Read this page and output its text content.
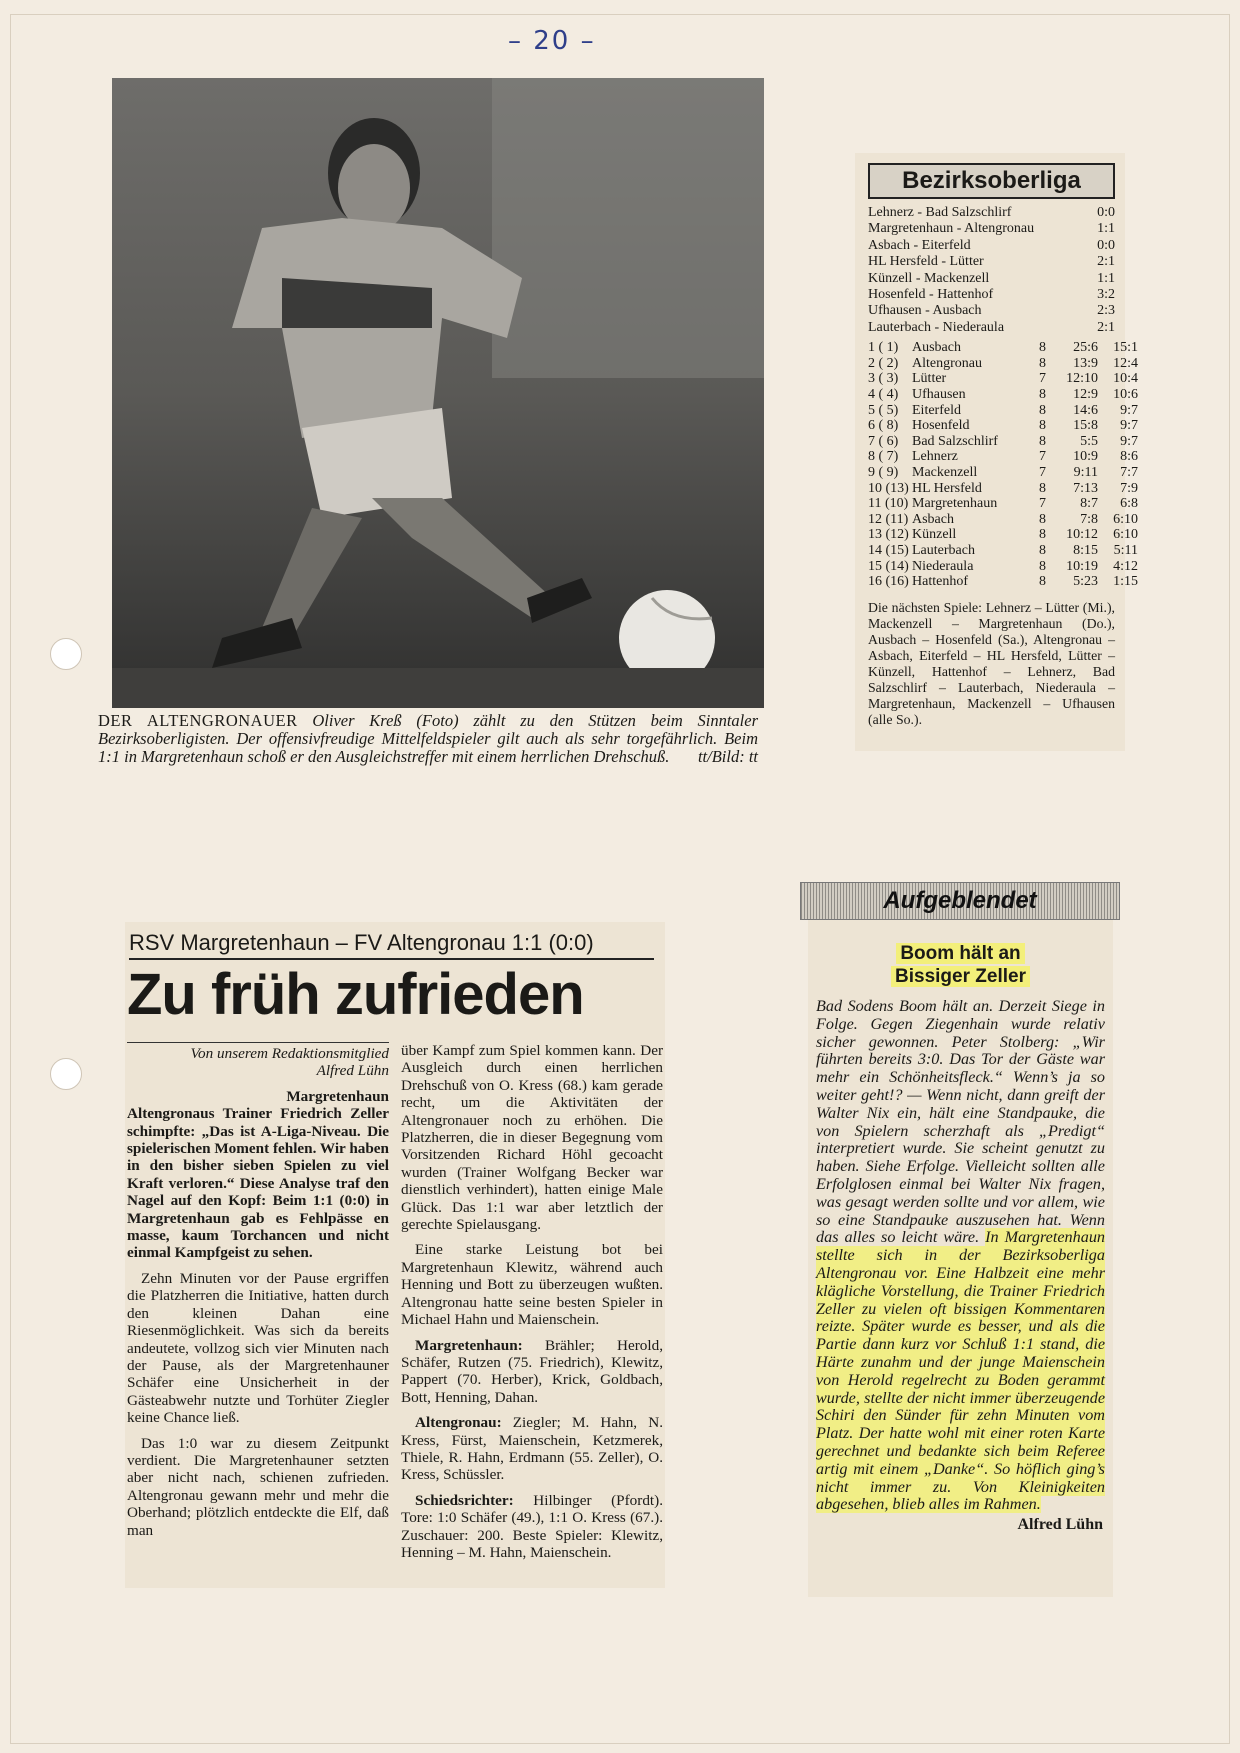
– 20 –
DER ALTENGRONAUER Oliver Kreß (Foto) zählt zu den Stützen beim Sinntaler Bezirksoberligisten. Der offensivfreudige Mittelfeldspieler gilt auch als sehr torgefährlich. Beim 1:1 in Margretenhaun schoß er den Ausgleichstreffer mit einem herrlichen Drehschuß. tt/Bild: tt
Bezirksoberliga
Lehnerz - Bad Salzschlirf	0:0
Margretenhaun - Altengronau	1:1
Asbach - Eiterfeld	0:0
HL Hersfeld - Lütter	2:1
Künzell - Mackenzell	1:1
Hosenfeld - Hattenhof	3:2
Ufhausen - Ausbach	2:3
Lauterbach - Niederaula	2:1
1 ( 1) Ausbach	8	25:6	15:1
2 ( 2) Altengronau	8	13:9	12:4
3 ( 3) Lütter	7	12:10	10:4
4 ( 4) Ufhausen	8	12:9	10:6
5 ( 5) Eiterfeld	8	14:6	9:7
6 ( 8) Hosenfeld	8	15:8	9:7
7 ( 6) Bad Salzschlirf	8	5:5	9:7
8 ( 7) Lehnerz	7	10:9	8:6
9 ( 9) Mackenzell	7	9:11	7:7
10 (13) HL Hersfeld	8	7:13	7:9
11 (10) Margretenhaun	7	8:7	6:8
12 (11) Asbach	8	7:8	6:10
13 (12) Künzell	8	10:12	6:10
14 (15) Lauterbach	8	8:15	5:11
15 (14) Niederaula	8	10:19	4:12
16 (16) Hattenhof	8	5:23	1:15
Die nächsten Spiele: Lehnerz – Lütter (Mi.), Mackenzell – Margretenhaun (Do.), Ausbach – Hosenfeld (Sa.), Altengronau – Asbach, Eiterfeld – HL Hersfeld, Lütter – Künzell, Hattenhof – Lehnerz, Bad Salzschlirf – Lauterbach, Niederaula – Margretenhaun, Mackenzell – Ufhausen (alle So.).
Aufgeblendet
Boom hält an
Bissiger Zeller
Bad Sodens Boom hält an. Derzeit Siege in Folge. Gegen Ziegenhain wurde relativ sicher gewonnen. Peter Stolberg: „Wir führten bereits 3:0. Das Tor der Gäste war mehr ein Schönheitsfleck.“ Wenn’s ja so weiter geht!? — Wenn nicht, dann greift der Walter Nix ein, hält eine Standpauke, die von Spielern scherzhaft als „Predigt“ interpretiert wurde. Sie scheint genutzt zu haben. Siehe Erfolge. Vielleicht sollten alle Erfolglosen einmal bei Walter Nix fragen, was gesagt werden sollte und vor allem, wie so eine Standpauke auszusehen hat. Wenn das alles so leicht wäre. In Margretenhaun stellte sich in der Bezirksoberliga Altengronau vor. Eine Halbzeit eine mehr klägliche Vorstellung, die Trainer Friedrich Zeller zu vielen oft bissigen Kommentaren reizte. Später wurde es besser, und als die Partie dann kurz vor Schluß 1:1 stand, die Härte zunahm und der junge Maienschein von Herold regelrecht zu Boden gerammt wurde, stellte der nicht immer überzeugende Schiri den Sünder für zehn Minuten vom Platz. Der hatte wohl mit einer roten Karte gerechnet und bedankte sich beim Referee artig mit einem „Danke“. So höflich ging’s nicht immer zu. Von Kleinigkeiten abgesehen, blieb alles im Rahmen.
Alfred Lühn
RSV Margretenhaun – FV Altengronau 1:1 (0:0)
Zu früh zufrieden
Von unserem Redaktionsmitglied
Alfred Lühn

Margretenhaun
Altengronaus Trainer Friedrich Zeller schimpfte: „Das ist A-Liga-Niveau. Die spielerischen Moment fehlen. Wir haben in den bisher sieben Spielen zu viel Kraft verloren.“ Diese Analyse traf den Nagel auf den Kopf: Beim 1:1 (0:0) in Margretenhaun gab es Fehlpässe en masse, kaum Torchancen und nicht einmal Kampfgeist zu sehen.

Zehn Minuten vor der Pause ergriffen die Platzherren die Initiative, hatten durch den kleinen Dahan eine Riesenmöglichkeit. Was sich da bereits andeutete, vollzog sich vier Minuten nach der Pause, als der Margretenhauner Schäfer eine Unsicherheit in der Gästeabwehr nutzte und Torhüter Ziegler keine Chance ließ.

Das 1:0 war zu diesem Zeitpunkt verdient. Die Margretenhauner setzten aber nicht nach, schienen zufrieden. Altengronau gewann mehr und mehr die Oberhand; plötzlich entdeckte die Elf, daß man

über Kampf zum Spiel kommen kann. Der Ausgleich durch einen herrlichen Drehschuß von O. Kress (68.) kam gerade recht, um die Aktivitäten der Altengronauer noch zu erhöhen. Die Platzherren, die in dieser Begegnung vom Vorsitzenden Richard Höhl gecoacht wurden (Trainer Wolfgang Becker war dienstlich verhindert), hatten einige Male Glück. Das 1:1 war aber letztlich der gerechte Spielausgang.

Eine starke Leistung bot bei Margretenhaun Klewitz, während auch Henning und Bott zu überzeugen wußten. Altengronau hatte seine besten Spieler in Michael Hahn und Maienschein.

Margretenhaun: Brähler; Herold, Schäfer, Rutzen (75. Friedrich), Klewitz, Pappert (70. Herber), Krick, Goldbach, Bott, Henning, Dahan.

Altengronau: Ziegler; M. Hahn, N. Kress, Fürst, Maienschein, Ketzmerek, Thiele, R. Hahn, Erdmann (55. Zeller), O. Kress, Schüssler.

Schiedsrichter: Hilbinger (Pfordt). Tore: 1:0 Schäfer (49.), 1:1 O. Kress (67.). Zuschauer: 200. Beste Spieler: Klewitz, Henning – M. Hahn, Maienschein.
